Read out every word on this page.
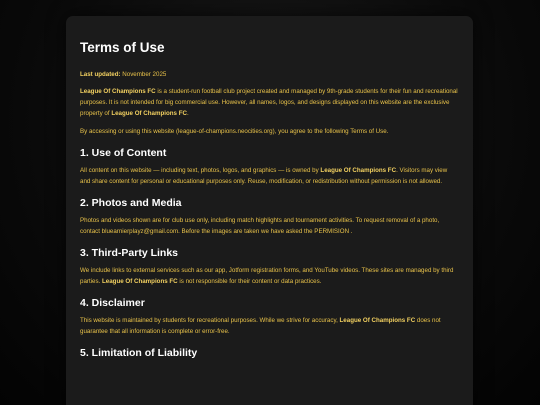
Terms of Use

Last updated: November 2025

League Of Champions FC is a student-run football club project created and managed by 9th-grade students for their fun and recreational purposes. It is not intended for big commercial use. However, all names, logos, and designs displayed on this website are the exclusive property of League Of Champions FC.

By accessing or using this website (league-of-champions.neocities.org), you agree to the following Terms of Use.

1. Use of Content

All content on this website — including text, photos, logos, and graphics — is owned by League Of Champions FC. Visitors may view and share content for personal or educational purposes only. Reuse, modification, or redistribution without permission is not allowed.

2. Photos and Media

Photos and videos shown are for club use only, including match highlights and tournament activities. To request removal of a photo, contact bluearnierplayz@gmail.com. Before the images are taken we have asked the PERMISION .

3. Third-Party Links

We include links to external services such as our app, Jotform registration forms, and YouTube videos. These sites are managed by third parties. League Of Champions FC is not responsible for their content or data practices.

4. Disclaimer

This website is maintained by students for recreational purposes. While we strive for accuracy, League Of Champions FC does not guarantee that all information is complete or error-free.

5. Limitation of Liability
